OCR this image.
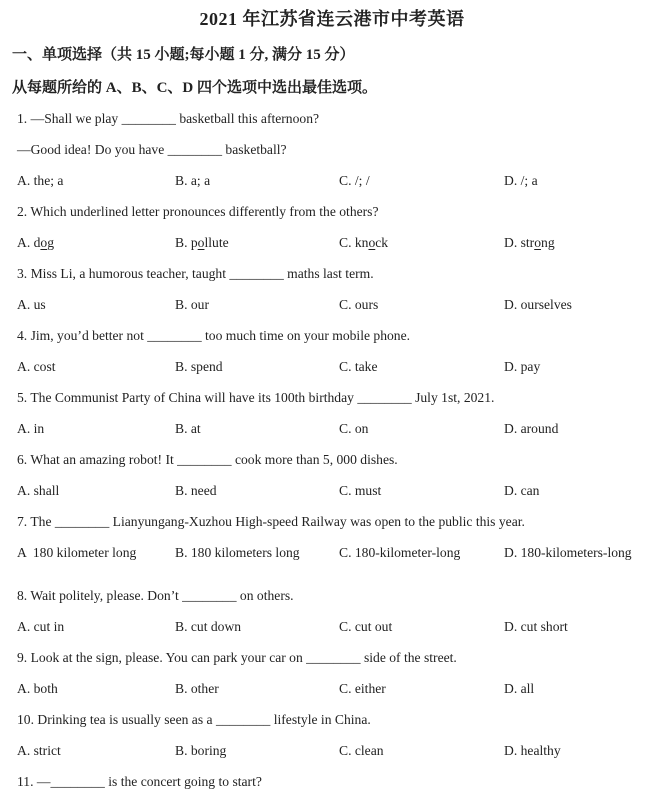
2021 年江苏省连云港市中考英语
一、单项选择（共 15 小题;每小题 1 分, 满分 15 分）
从每题所给的 A、B、C、D 四个选项中选出最佳选项。
1. —Shall we play ________ basketball this afternoon?
—Good idea! Do you have ________ basketball?
A. the; a	B. a; a	C. /; /	D. /; a
2. Which underlined letter pronounces differently from the others?
A. dog	B. pollute	C. knock	D. strong
3. Miss Li, a humorous teacher, taught ________ maths last term.
A. us	B. our	C. ours	D. ourselves
4. Jim, you’d better not ________ too much time on your mobile phone.
A. cost	B. spend	C. take	D. pay
5. The Communist Party of China will have its 100th birthday ________ July 1st, 2021.
A. in	B. at	C. on	D. around
6. What an amazing robot! It ________ cook more than 5, 000 dishes.
A. shall	B. need	C. must	D. can
7. The ________ Lianyungang-Xuzhou High-speed Railway was open to the public this year.
A  180 kilometer long	B. 180 kilometers long	C. 180-kilometer-long	D. 180-kilometers-long
8. Wait politely, please. Don’t ________ on others.
A. cut in	B. cut down	C. cut out	D. cut short
9. Look at the sign, please. You can park your car on ________ side of the street.
A. both	B. other	C. either	D. all
10. Drinking tea is usually seen as a ________ lifestyle in China.
A. strict	B. boring	C. clean	D. healthy
11. —________ is the concert going to start?
